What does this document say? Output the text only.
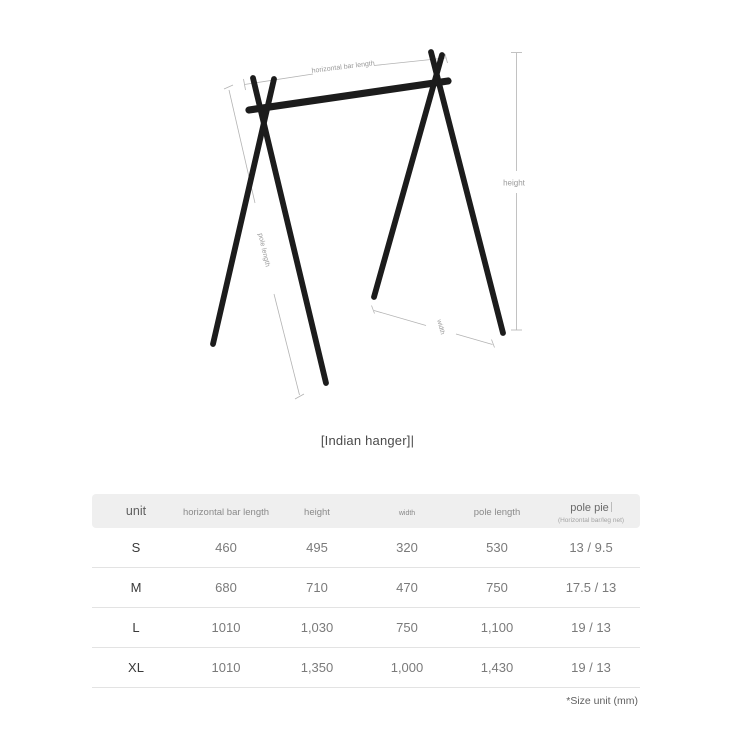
horizontal bar length
pole length
height
width
[Indian hanger]|
unit	horizontal bar length	height	width	pole length	pole pie
(Horizontal bar/leg net)
S	460	495	320	530	13 / 9.5
M	680	710	470	750	17.5 / 13
L	1010	1,030	750	1,100	19 / 13
XL	1010	1,350	1,000	1,430	19 / 13
*Size unit (mm)
